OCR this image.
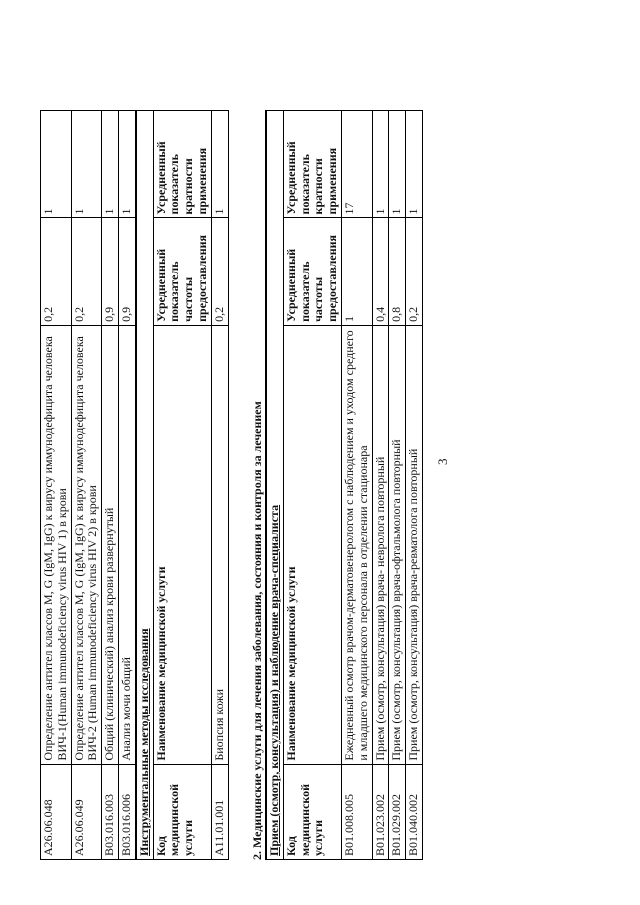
A26.06.048	Определение антител классов M, G (IgM, IgG) к вирусу иммунодефицита человека ВИЧ-1(Human immunodeficiency virus HIV 1) в крови	0,2	1
A26.06.049	Определение антител классов M, G (IgM, IgG) к вирусу иммунодефицита человека ВИЧ-2 (Human immunodeficiency virus HIV 2) в крови	0,2	1
B03.016.003	Общий (клинический) анализ крови развернутый	0,9	1
B03.016.006	Анализ мочи общий	0,9	1
Инструментальные методы исследования			
Код медицинской услуги	Наименование медицинской услуги	Усредненный показатель частоты предоставления	Усредненный показатель кратности применения
A11.01.001	Биопсия кожи	0,2	1
2. Медицинские услуги для лечения заболевания, состояния и контроля за лечением Прием (осмотр, консультация) и наблюдение врача-специалиста			
Код медицинской услуги	Наименование медицинской услуги	Усредненный показатель частоты предоставления	Усредненный показатель кратности применения
B01.008.005	Ежедневный осмотр врачом-дерматовенерологом с наблюдением и уходом среднего и младшего медицинского персонала в отделении стационара	1	17
B01.023.002	Прием (осмотр, консультация) врача- невролога повторный	0,4	1
B01.029.002	Прием (осмотр, консультация) врача-офтальмолога повторный	0,8	1
B01.040.002	Прием (осмотр, консультация) врача-ревматолога повторный	0,2	1
3
